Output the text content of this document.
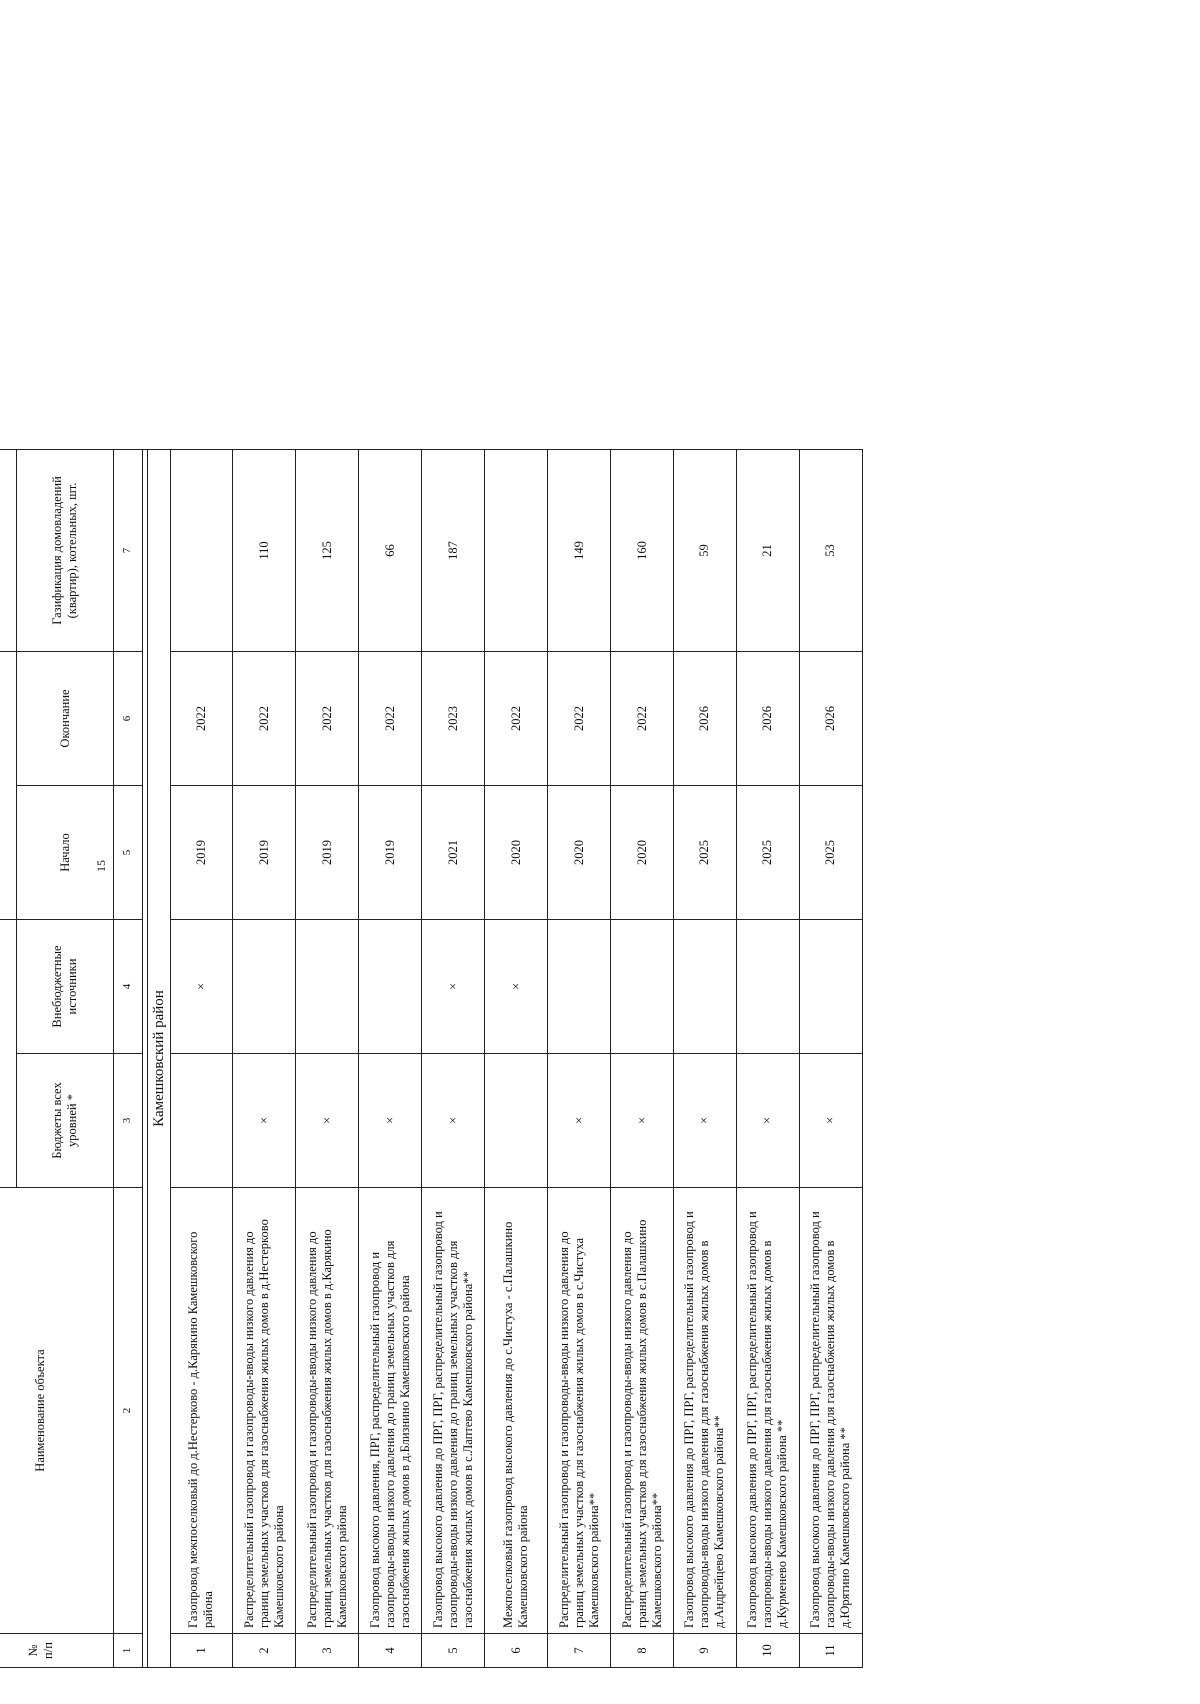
15
№ п/п	Наименование объекта			
		Бюджеты всех уровней *	Внебюджетные источники	Начало	Окончание	Газификация домовладений (квартир), котельных, шт.
1	2	3	4	5	6	7

Камешковский район						
1	Газопровод межпоселковый до д.Нестерково - д.Карякино Камешковского района		×	2019	2022	
2	Распределительный газопровод и газопроводы-вводы низкого давления до границ земельных участков для газоснабжения жилых домов в д.Нестерково Камешковского района	×		2019	2022	110
3	Распределительный газопровод и газопроводы-вводы низкого давления до границ земельных участков для газоснабжения жилых домов в д.Карякино Камешковского района	×		2019	2022	125
4	Газопровод высокого давления, ПРГ, распределительный газопровод и газопроводы-вводы низкого давления до границ земельных участков для газоснабжения жилых домов в д.Близнино Камешковского района	×		2019	2022	66
5	Газопровод высокого давления до ПРГ, ПРГ, распределительный газопровод и газопроводы-вводы низкого давления до границ земельных участков для газоснабжения жилых домов в с.Лаптево Камешковского района**	×	×	2021	2023	187
6	Межпоселковый газопровод высокого давления до с.Чистуха - с.Палашкино Камешковского района		×	2020	2022	
7	Распределительный газопровод и газопроводы-вводы низкого давления до границ земельных участков для газоснабжения жилых домов в с.Чистуха Камешковского района**	×		2020	2022	149
8	Распределительный газопровод и газопроводы-вводы низкого давления до границ земельных участков для газоснабжения жилых домов в с.Палашкино Камешковского района**	×		2020	2022	160
9	Газопровод высокого давления до ПРГ, ПРГ, распределительный газопровод и газопроводы-вводы низкого давления для газоснабжения жилых домов в д.Андрейцево Камешковского района**	×		2025	2026	59
10	Газопровод высокого давления до ПРГ, ПРГ, распределительный газопровод и газопроводы-вводы низкого давления для газоснабжения жилых домов в д.Курменево Камешковского района **	×		2025	2026	21
11	Газопровод высокого давления до ПРГ, ПРГ, распределительный газопровод и газопроводы-вводы низкого давления для газоснабжения жилых домов в д.Юрятино Камешковского района **	×		2025	2026	53
